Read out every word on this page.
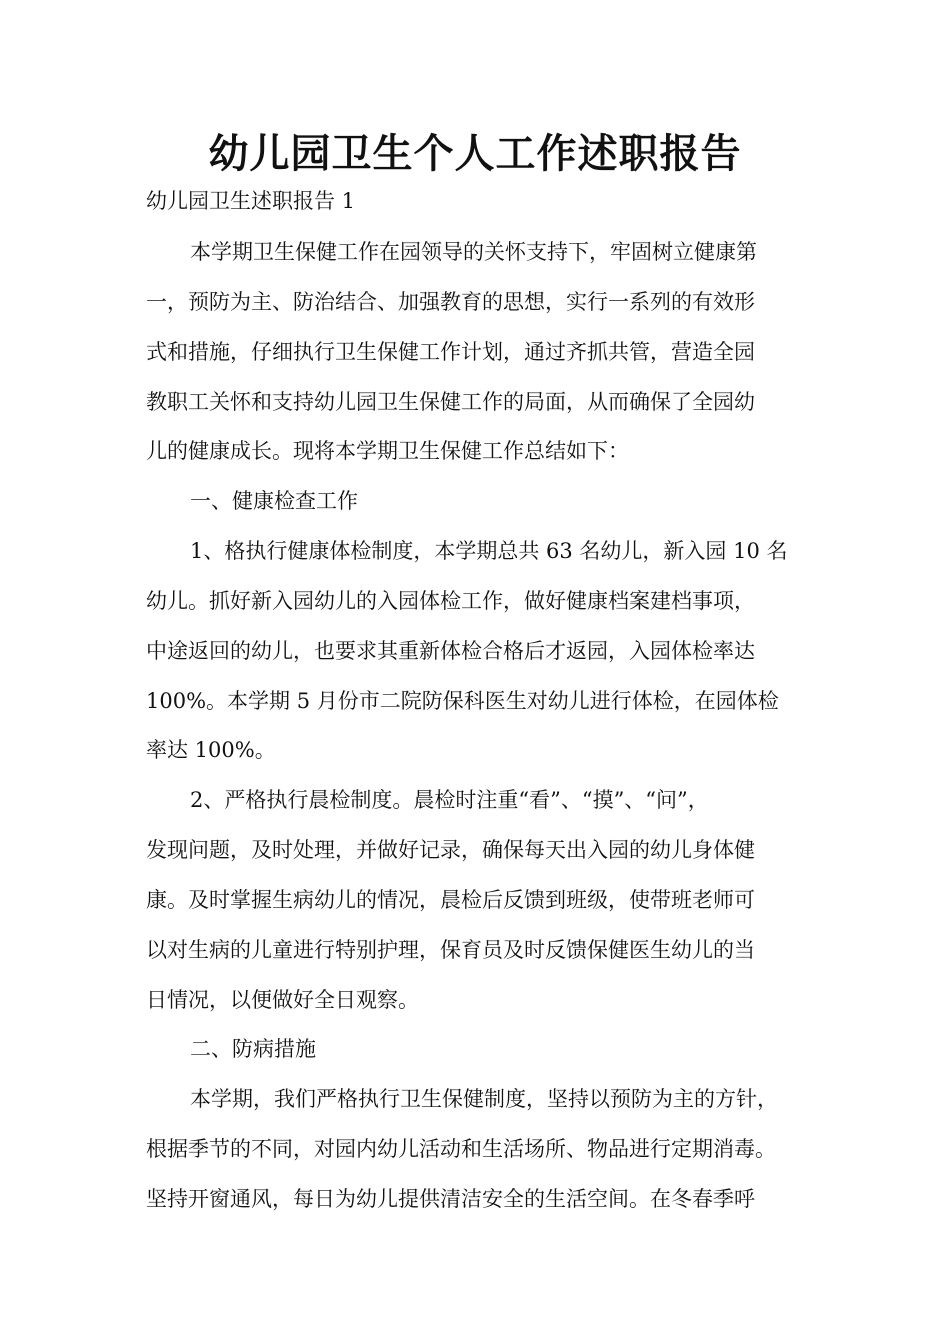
幼儿园卫生个人工作述职报告
幼儿园卫生述职报告 1
本学期卫生保健工作在园领导的关怀支持下，牢固树立健康第
一，预防为主、防治结合、加强教育的思想，实行一系列的有效形
式和措施，仔细执行卫生保健工作计划，通过齐抓共管，营造全园
教职工关怀和支持幼儿园卫生保健工作的局面，从而确保了全园幼
儿的健康成长。现将本学期卫生保健工作总结如下：
一、健康检查工作
1、格执行健康体检制度，本学期总共 63 名幼儿，新入园 10 名
幼儿。抓好新入园幼儿的入园体检工作，做好健康档案建档事项，
中途返回的幼儿，也要求其重新体检合格后才返园，入园体检率达
100%。本学期 5 月份市二院防保科医生对幼儿进行体检，在园体检
率达 100%。
2、严格执行晨检制度。晨检时注重“看”、“摸”、“问”，
发现问题，及时处理，并做好记录，确保每天出入园的幼儿身体健
康。及时掌握生病幼儿的情况，晨检后反馈到班级，使带班老师可
以对生病的儿童进行特别护理，保育员及时反馈保健医生幼儿的当
日情况，以便做好全日观察。
二、防病措施
本学期，我们严格执行卫生保健制度，坚持以预防为主的方针，
根据季节的不同，对园内幼儿活动和生活场所、物品进行定期消毒。
坚持开窗通风，每日为幼儿提供清洁安全的生活空间。在冬春季呼
